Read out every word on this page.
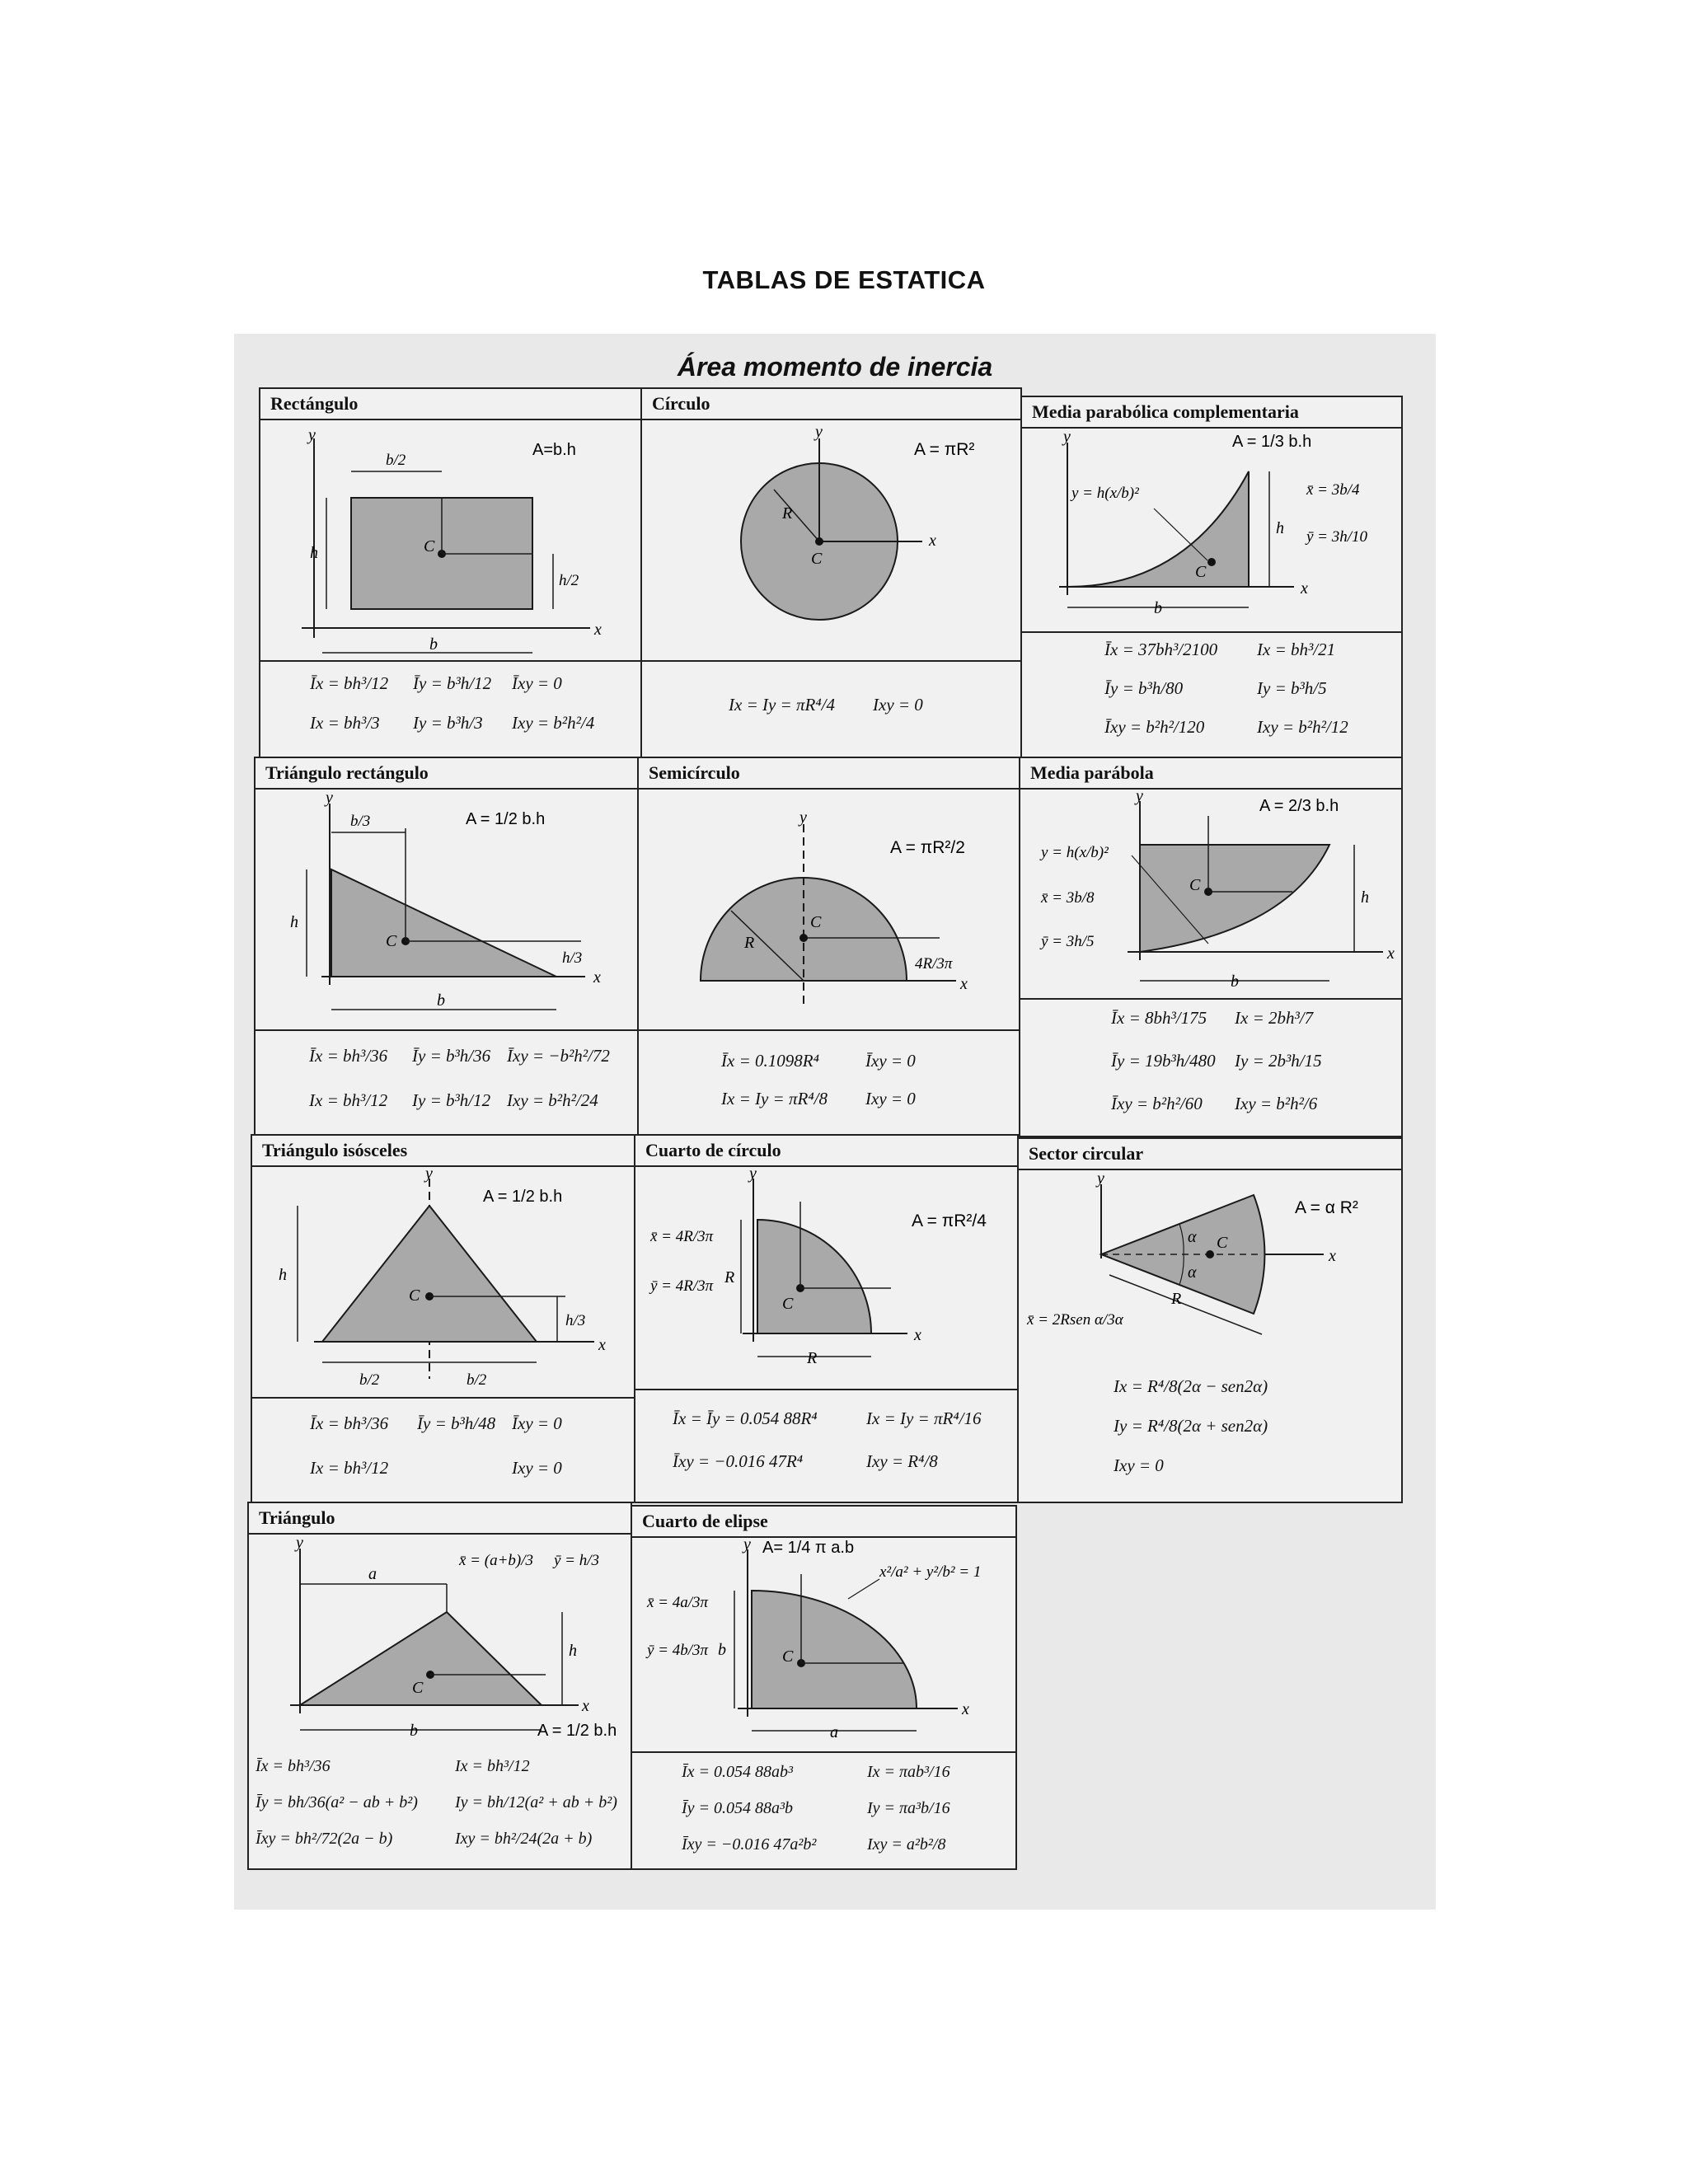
TABLAS DE ESTATICA
Área momento de inercia
Rectángulo
y
x
b/2
h	C
h/2
b
A=b.h
Īx = bh³/12 Īy = b³h/12 Īxy = 0
Ix = bh³/3 Iy = b³h/3 Ixy = b²h²/4
Círculo
y
x
R
C
A = πR²
Ix = Iy = πR⁴/4 Ixy = 0
Media parabólica complementaria
y
x
y = h(x/b)²	x̄ = 3b/4
ȳ = 3h/10
h
C
b
A = 1/3 b.h
Īx = 37bh³/2100 Ix = bh³/21
Īy = b³h/80	Iy = b³h/5
Īxy = b²h²/120	Ixy = b²h²/12
Triángulo rectángulo
y
x
b/3
h
C
h/3
b
A = 1/2 b.h
Īx = bh³/36 Īy = b³h/36 Īxy = −b²h²/72
Ix = bh³/12 Iy = b³h/12 Ixy = b²h²/24
Semicírculo
y
x
R
C
4R/3π
A = πR²/2
Īx = 0.1098R⁴	Īxy = 0
Ix = Iy = πR⁴/8 Ixy = 0
Media parábola
y
x
y = h(x/b)²
x̄ = 3b/8
ȳ = 3h/5
h
C
b
A = 2/3 b.h
Īx = 8bh³/175 Ix = 2bh³/7
Īy = 19b³h/480 Iy = 2b³h/15
Īxy = b²h²/60 Ixy = b²h²/6
Triángulo isósceles
y
x
h
C
h/3
b/2	b/2
A = 1/2 b.h
Īx = bh³/36 Īy = b³h/48 Īxy = 0
Ix = bh³/12	Ixy = 0
Cuarto de círculo
y
x
x̄ = 4R/3π
ȳ = 4R/3π R
C
R
A = πR²/4
Īx = Īy = 0.054 88R⁴	Ix = Iy = πR⁴/16
Īxy = −0.016 47R⁴	Ixy = R⁴/8
Sector circular
y
x
α
α
C
R
x̄ = 2Rsen α/3α
A = α R²
Ix = R⁴/8(2α − sen2α)
Iy = R⁴/8(2α + sen2α)
Ixy = 0
Triángulo
y
x
a
x̄ = (a+b)/3 ȳ = h/3
h
C
b	A = 1/2 b.h
Īx = bh³/36	Ix = bh³/12
Īy = bh/36(a² − ab + b²) Iy = bh/12(a² + ab + b²)
Īxy = bh²/72(2a − b)	Ixy = bh²/24(2a + b)
Cuarto de elipse
y
x
x²/a² + y²/b² = 1
x̄ = 4a/3π
ȳ = 4b/3π b	C
a
A= 1/4 π a.b
Īx = 0.054 88ab³	Ix = πab³/16
Īy = 0.054 88a³b	Iy = πa³b/16
Īxy = −0.016 47a²b²	Ixy = a²b²/8
